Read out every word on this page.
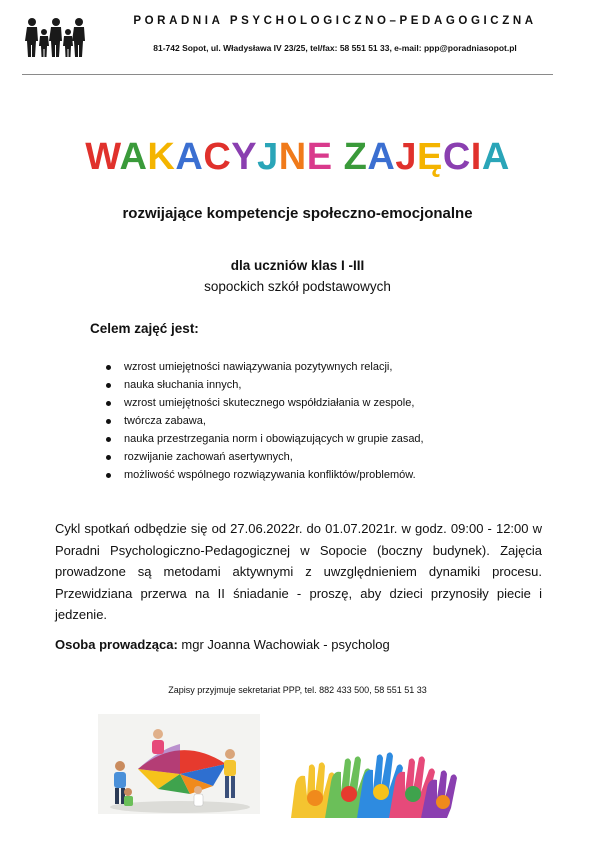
PORADNIA PSYCHOLOGICZNO–PEDAGOGICZNA
81-742 Sopot, ul. Władysława IV 23/25, tel/fax: 58 551 51 33, e-mail: ppp@poradniasopot.pl
WAKACYJNE ZAJĘCIA
rozwijające kompetencje społeczno-emocjonalne
dla uczniów klas I -III
sopockich szkół podstawowych
Celem zajęć jest:
wzrost umiejętności nawiązywania pozytywnych relacji,
nauka słuchania innych,
wzrost umiejętności skutecznego współdziałania w zespole,
twórcza zabawa,
nauka przestrzegania norm i obowiązujących w grupie zasad,
rozwijanie zachowań asertywnych,
możliwość wspólnego rozwiązywania konfliktów/problemów.
Cykl spotkań odbędzie się od 27.06.2022r. do 01.07.2021r. w godz. 09:00 - 12:00 w Poradni Psychologiczno-Pedagogicznej w Sopocie (boczny budynek). Zajęcia prowadzone są metodami aktywnymi z uwzględnieniem dynamiki procesu. Przewidziana przerwa na II śniadanie - proszę, aby dzieci przynosiły piecie i jedzenie.
Osoba prowadząca: mgr Joanna Wachowiak - psycholog
Zapisy przyjmuje sekretariat PPP, tel. 882 433 500, 58 551 51 33
